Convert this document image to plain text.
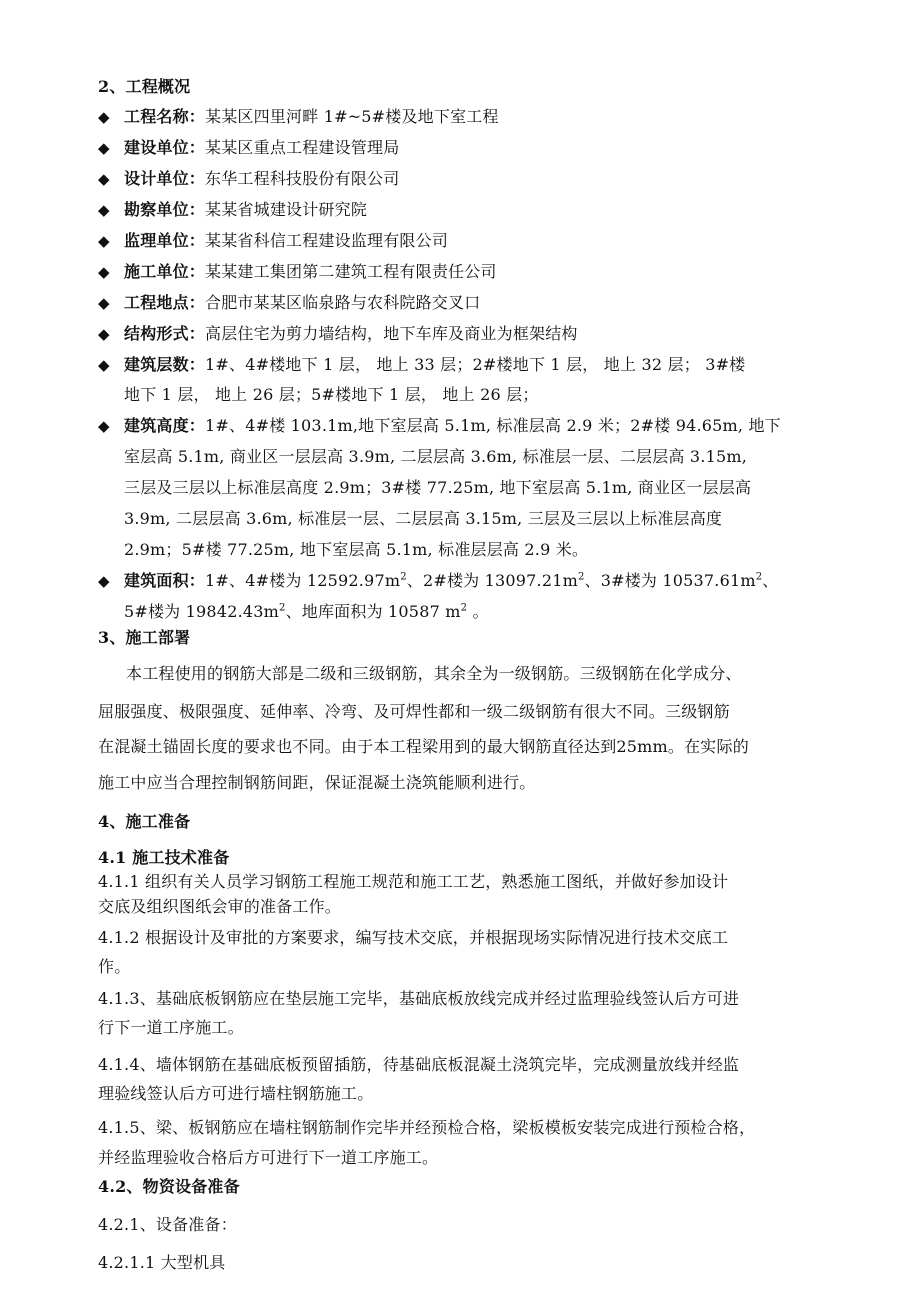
2、工程概况
◆ 工程名称：某某区四里河畔 1#~5#楼及地下室工程
◆ 建设单位：某某区重点工程建设管理局
◆ 设计单位：东华工程科技股份有限公司
◆ 勘察单位：某某省城建设计研究院
◆ 监理单位：某某省科信工程建设监理有限公司
◆ 施工单位：某某建工集团第二建筑工程有限责任公司
◆ 工程地点：合肥市某某区临泉路与农科院路交叉口
◆ 结构形式：高层住宅为剪力墙结构，地下车库及商业为框架结构
◆ 建筑层数：1#、4#楼地下 1 层， 地上 33 层；2#楼地下 1 层， 地上 32 层； 3#楼
地下 1 层， 地上 26 层；5#楼地下 1 层， 地上 26 层；
◆ 建筑高度：1#、4#楼 103.1m,地下室层高 5.1m, 标准层高 2.9 米；2#楼 94.65m, 地下
室层高 5.1m, 商业区一层层高 3.9m, 二层层高 3.6m, 标准层一层、二层层高 3.15m,
三层及三层以上标准层高度 2.9m；3#楼 77.25m, 地下室层高 5.1m, 商业区一层层高
3.9m, 二层层高 3.6m, 标准层一层、二层层高 3.15m, 三层及三层以上标准层高度
2.9m；5#楼 77.25m, 地下室层高 5.1m, 标准层层高 2.9 米。
◆ 建筑面积：1#、4#楼为 $12592.97m^2$、2#楼为 $13097.21m^2$、3#楼为 $10537.61m^2$、
5#楼为 $19842.43m^2$、地库面积为 10587 $m^2$ 。
3、施工部署
本工程使用的钢筋大部是二级和三级钢筋，其余全为一级钢筋。三级钢筋在化学成分、
屈服强度、极限强度、延伸率、冷弯、及可焊性都和一级二级钢筋有很大不同。三级钢筋
在混凝土锚固长度的要求也不同。由于本工程梁用到的最大钢筋直径达到25mm。在实际的
施工中应当合理控制钢筋间距，保证混凝土浇筑能顺利进行。
4、施工准备
4.1 施工技术准备
4.1.1 组织有关人员学习钢筋工程施工规范和施工工艺，熟悉施工图纸，并做好参加设计
交底及组织图纸会审的准备工作。
4.1.2 根据设计及审批的方案要求，编写技术交底，并根据现场实际情况进行技术交底工
作。
4.1.3、基础底板钢筋应在垫层施工完毕，基础底板放线完成并经过监理验线签认后方可进
行下一道工序施工。
4.1.4、墙体钢筋在基础底板预留插筋，待基础底板混凝土浇筑完毕，完成测量放线并经监
理验线签认后方可进行墙柱钢筋施工。
4.1.5、梁、板钢筋应在墙柱钢筋制作完毕并经预检合格，梁板模板安装完成进行预检合格，
并经监理验收合格后方可进行下一道工序施工。
4.2、物资设备准备
4.2.1、设备准备：
4.2.1.1 大型机具
